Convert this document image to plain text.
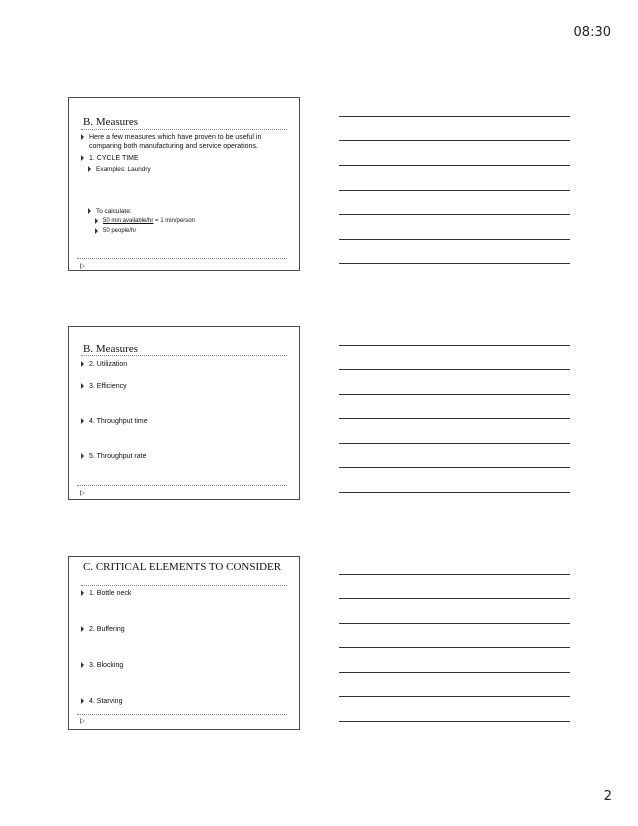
08:30
B. Measures
Here a few measures which have proven to be useful in comparing both manufacturing and service operations.
1. CYCLE TIME
Examples: Laundry
To calculate:
50 min available/hr = 1 min/person
50 people/hr
B. Measures
2. Utilization
3. Efficiency
4. Throughput time
5. Throughput rate
C. CRITICAL ELEMENTS TO CONSIDER
1. Bottle neck
2. Buffering
3. Blocking
4. Starving
2
